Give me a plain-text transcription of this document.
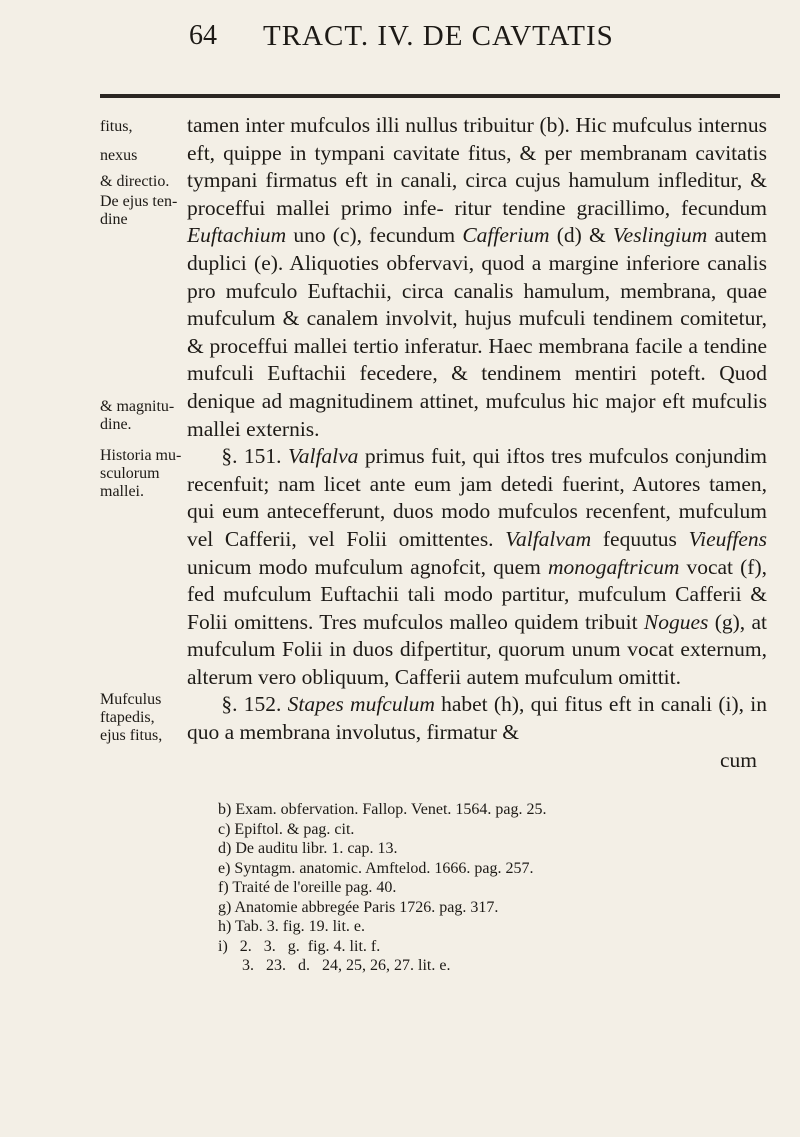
64 TRACT. IV. DE CAVTATIS
fitus,
nexus
& directio.
De ejus ten- dine
& magnitu- dine.
Historia mu- sculorum mallei.
Mufculus ftapedis, ejus fitus,

tamen inter mufculos illi nullus tribuitur (b). Hic mufculus internus eft, quippe in tympani cavitate fitus, & per membranam cavitatis tympani firmatus eft in canali, circa cujus hamulum infleditur, & proceffui mallei primo infe- ritur tendine gracillimo, fecundum Euftachium uno (c), fecundum Cafferium (d) & Veslingium autem duplici (e). Aliquoties obfervavi, quod a margine inferiore canalis pro mufculo Euftachii, circa canalis hamulum, membrana, quae mufculum & canalem involvit, hujus mufculi tendinem comitetur, & proceffui mallei tertio inferatur. Haec membrana facile a tendine mufculi Euftachii fecedere, & tendinem mentiri poteft. Quod denique ad magnitudinem attinet, mufculus hic major eft mufculis mallei externis.

§. 151. Valfalva primus fuit, qui iftos tres mufculos conjundim recenfuit; nam licet ante eum jam detedi fuerint, Autores tamen, qui eum antecefferunt, duos modo mufculos recenfent, mufculum vel Cafferii, vel Folii omittentes. Valfalvam fequutus Vieuffens unicum modo mufculum agnofcit, quem monogaftricum vocat (f), fed mufculum Euftachii tali modo partitur, mufculum Cafferii & Folii omittens. Tres mufculos malleo quidem tribuit Nogues (g), at mufculum Folii in duos difpertitur, quorum unum vocat externum, alterum vero obliquum, Cafferii autem mufculum omittit.

§. 152. Stapes mufculum habet (h), qui fitus eft in canali (i), in quo a membrana involutus, firmatur &

cum

b) Exam. obfervation. Fallop. Venet. 1564. pag. 25.
c) Epiftol. & pag. cit.
d) De auditu libr. 1. cap. 13.
e) Syntagm. anatomic. Amftelod. 1666. pag. 257.
f) Traité de l'oreille pag. 40.
g) Anatomie abbregée Paris 1726. pag. 317.
h) Tab. 3. fig. 19. lit. e.
i)   2.   3.   g.  fig. 4. lit. f.
3.   23.   d.   24, 25, 26, 27. lit. e.
